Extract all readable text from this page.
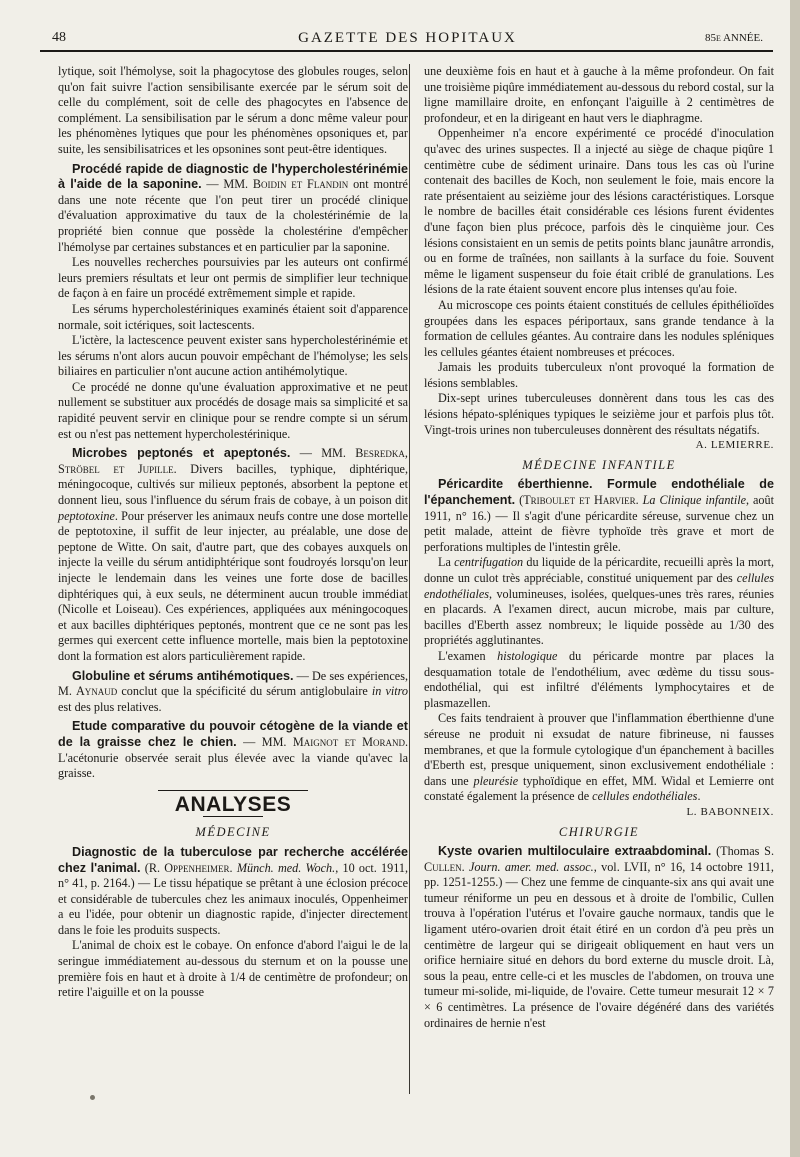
48	GAZETTE DES HOPITAUX	85e ANNÉE.

lytique, soit l'hémolyse, soit la phagocytose des globules rouges, selon qu'on fait suivre l'action sensibilisante exercée par le sérum soit de celle du complément, soit de celle des phagocytes en l'absence de complément. La sensibilisation par le sérum a donc même valeur pour les phénomènes lytiques que pour les phénomènes opsoniques et, par suite, les sensibilisatrices et les opsonines sont peut-être identiques.

Procédé rapide de diagnostic de l'hypercholestérinémie à l'aide de la saponine. — MM. Boidin et Flandin ont montré dans une note récente que l'on peut tirer un procédé clinique d'évaluation approximative du taux de la cholestérinémie de la propriété bien connue que possède la cholestérine d'empêcher l'hémolyse par certaines substances et en particulier par la saponine.

Les nouvelles recherches poursuivies par les auteurs ont confirmé leurs premiers résultats et leur ont permis de simplifier leur technique de façon à en faire un procédé extrêmement simple et rapide.

Les sérums hypercholestériniques examinés étaient soit d'apparence normale, soit ictériques, soit lactescents.

L'ictère, la lactescence peuvent exister sans hypercholestérinémie et les sérums n'ont alors aucun pouvoir empêchant de l'hémolyse; les sels biliaires en particulier n'ont aucune action antihémolytique.

Ce procédé ne donne qu'une évaluation approximative et ne peut nullement se substituer aux procédés de dosage mais sa simplicité et sa rapidité peuvent servir en clinique pour se rendre compte si un sérum est ou n'est pas nettement hypercholestérinique.

Microbes peptonés et apeptonés. — MM. Besredka, Ströbel et Jupille. Divers bacilles, typhique, diphtérique, méningocoque, cultivés sur milieux peptonés, absorbent la peptone et donnent lieu, sous l'influence du sérum frais de cobaye, à un poison dit peptotoxine. Pour préserver les animaux neufs contre une dose mortelle de peptotoxine, il suffit de leur injecter, au préalable, une dose de peptone de Witte. On sait, d'autre part, que des cobayes auxquels on injecte la veille du sérum antidiphtérique sont foudroyés lorsqu'on leur injecte le lendemain dans les veines une forte dose de bacilles diphtériques qui, à eux seuls, ne déterminent aucun trouble immédiat (Nicolle et Loiseau). Ces expériences, appliquées aux méningocoques et aux bacilles diphtériques peptonés, montrent que ce ne sont pas les germes qui exercent cette influence mortelle, mais bien la peptotoxine dont la formation est alors particulièrement rapide.

Globuline et sérums antihémotiques. — De ses expériences, M. Aynaud conclut que la spécificité du sérum antiglobulaire in vitro est des plus relatives.

Etude comparative du pouvoir cétogène de la viande et de la graisse chez le chien. — MM. Maignot et Morand. L'acétonurie observée serait plus élevée avec la viande qu'avec la graisse.

ANALYSES
MÉDECINE

Diagnostic de la tuberculose par recherche accélérée chez l'animal. (R. Oppenheimer. Münch. med. Woch., 10 oct. 1911, n° 41, p. 2164.) — Le tissu hépatique se prêtant à une éclosion précoce et considérable de tubercules chez les animaux inoculés, Oppenheimer a eu l'idée, pour obtenir un diagnostic rapide, d'injecter directement dans le foie les produits suspects.

L'animal de choix est le cobaye. On enfonce d'abord l'aigui le de la seringue immédiatement au-dessous du sternum et on la pousse une première fois en haut et à droite à 1/4 de centimètre de profondeur; on retire l'aiguille et on la pousse

une deuxième fois en haut et à gauche à la même profondeur. On fait une troisième piqûre immédiatement au-dessous du rebord costal, sur la ligne mamillaire droite, en enfonçant l'aiguille à 2 centimètres de profondeur, et en la dirigeant en haut vers le diaphragme.

Oppenheimer n'a encore expérimenté ce procédé d'inoculation qu'avec des urines suspectes. Il a injecté au siège de chaque piqûre 1 centimètre cube de sédiment urinaire. Dans tous les cas où l'urine contenait des bacilles de Koch, non seulement le foie, mais encore la rate présentaient au seizième jour des lésions caractéristiques. Lorsque le nombre de bacilles était considérable ces lésions furent évidentes d'une façon bien plus précoce, parfois dès le cinquième jour. Ces lésions consistaient en un semis de petits points blanc jaunâtre arrondis, ou en forme de traînées, non saillants à la surface du foie. Souvent même le ligament suspenseur du foie était criblé de granulations. Les lésions de la rate étaient souvent encore plus intenses qu'au foie.

Au microscope ces points étaient constitués de cellules épithélioïdes groupées dans les espaces périportaux, sans grande tendance à la formation de cellules géantes. Au contraire dans les nodules spléniques les cellules géantes étaient nombreuses et précoces.

Jamais les produits tuberculeux n'ont provoqué la formation de lésions semblables.

Dix-sept urines tuberculeuses donnèrent dans tous les cas des lésions hépato-spléniques typiques le seizième jour et parfois plus tôt. Vingt-trois urines non tuberculeuses donnèrent des résultats négatifs.

A. LEMIERRE.

MÉDECINE INFANTILE

Péricardite éberthienne. Formule endothéliale de l'épanchement. (Triboulet et Harvier. La Clinique infantile, août 1911, n° 16.) — Il s'agit d'une péricardite séreuse, survenue chez un petit malade, atteint de fièvre typhoïde très grave et mort de perforations multiples de l'intestin grêle.

La centrifugation du liquide de la péricardite, recueilli après la mort, donne un culot très appréciable, constitué uniquement par des cellules endothéliales, volumineuses, isolées, quelques-unes très rares, réunies en placards. A l'examen direct, aucun microbe, mais par culture, bacilles d'Eberth assez nombreux; le liquide possède au 1/30 des propriétés agglutinantes.

L'examen histologique du péricarde montre par places la desquamation totale de l'endothélium, avec œdème du tissu sous-endothélial, qui est infiltré d'éléments lymphocytaires et de plasmazellen.

Ces faits tendraient à prouver que l'inflammation éberthienne d'une séreuse ne produit ni exsudat de nature fibrineuse, ni fausses membranes, et que la formule cytologique d'un épanchement à bacilles d'Eberth est, presque uniquement, sinon exclusivement endothéliale : dans une pleurésie typhoïdique en effet, MM. Widal et Lemierre ont constaté également la présence de cellules endothéliales.

L. BABONNEIX.

CHIRURGIE

Kyste ovarien multiloculaire extraabdominal. (Thomas S. Cullen. Journ. amer. med. assoc., vol. LVII, n° 16, 14 octobre 1911, pp. 1251-1255.) — Chez une femme de cinquante-six ans qui avait une tumeur réniforme un peu en dessous et à droite de l'ombilic, Cullen trouva à l'opération l'utérus et l'ovaire gauche normaux, tandis que le ligament utéro-ovarien droit était étiré en un cordon d'à peu près un centimètre de largeur qui se dirigeait obliquement en haut vers un orifice herniaire situé en dehors du bord externe du muscle droit. Là, sous la peau, entre celle-ci et les muscles de l'abdomen, on trouva une tumeur mi-solide, mi-liquide, de l'ovaire. Cette tumeur mesurait 12 × 7 × 6 centimètres. La présence de l'ovaire dégénéré dans des variétés ordinaires de hernie n'est
